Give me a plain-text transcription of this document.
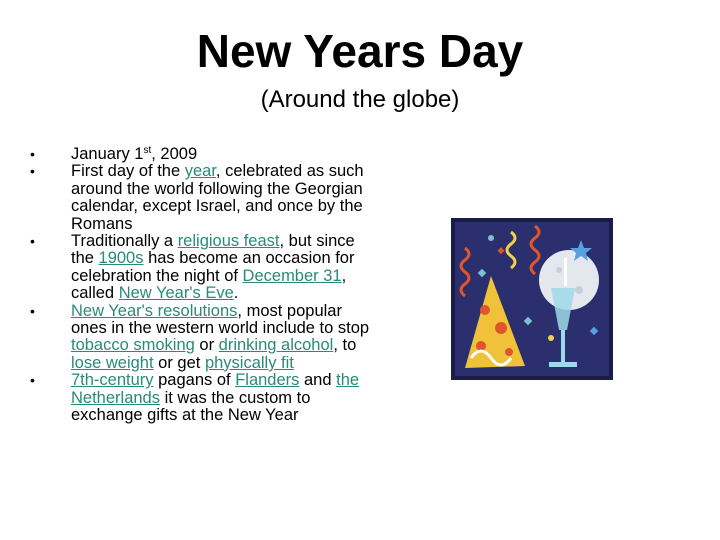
New Years Day
(Around the globe)
• January 1st, 2009
• First day of the year, celebrated as such around the world following the Georgian calendar, except Israel, and once by the Romans
• Traditionally a religious feast, but since the 1900s has become an occasion for celebration the night of December 31, called New Year's Eve.
• New Year's resolutions, most popular ones in the western world include to stop tobacco smoking or drinking alcohol, to lose weight or get physically fit
• 7th-century pagans of Flanders and the Netherlands it was the custom to exchange gifts at the New Year
